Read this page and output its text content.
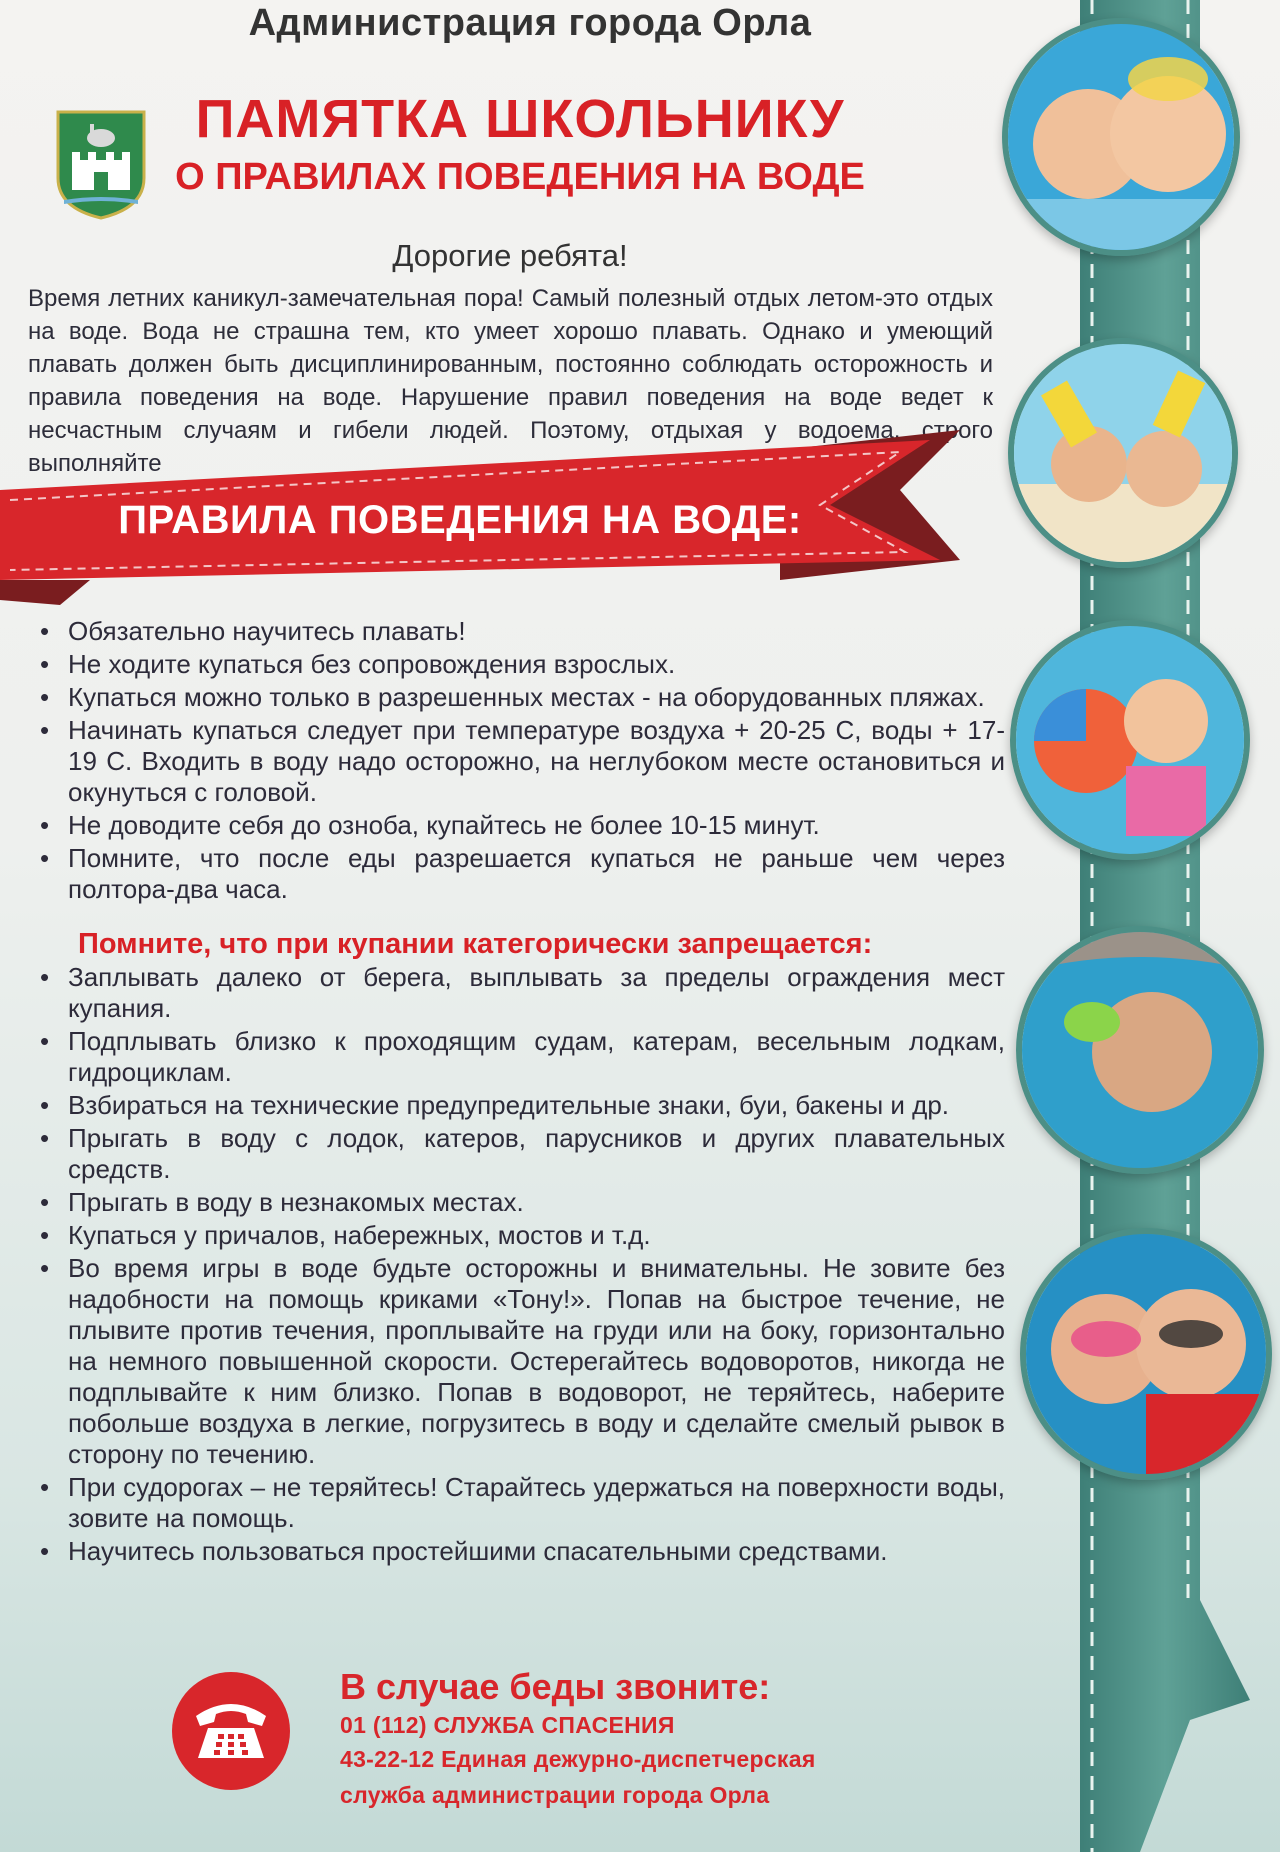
Администрация города Орла
ПАМЯТКА ШКОЛЬНИКУ
О ПРАВИЛАХ ПОВЕДЕНИЯ НА ВОДЕ
Дорогие ребята!
Время летних каникул-замечательная пора! Самый полезный отдых летом-это отдых на воде. Вода не страшна тем, кто умеет хорошо плавать. Однако и умеющий плавать должен быть дисциплинированным, постоянно соблюдать осторожность и правила поведения на воде. Нарушение правил поведения на воде ведет к несчастным случаям и гибели людей. Поэтому, отдыхая у водоема, строго выполняйте
ПРАВИЛА ПОВЕДЕНИЯ НА ВОДЕ:
• Обязательно научитесь плавать!
• Не ходите купаться без сопровождения взрослых.
• Купаться можно только в разрешенных местах - на оборудованных пляжах.
• Начинать купаться следует при температуре воздуха + 20-25 С, воды + 17-19 С. Входить в воду надо осторожно, на неглубоком месте остановиться и окунуться с головой.
• Не доводите себя до озноба, купайтесь не более 10-15 минут.
• Помните, что после еды разрешается купаться не раньше чем через полтора-два часа.
Помните, что при купании категорически запрещается:
• Заплывать далеко от берега, выплывать за пределы ограждения мест купания.
• Подплывать близко к проходящим судам, катерам, весельным лодкам, гидроциклам.
• Взбираться на технические предупредительные знаки, буи, бакены и др.
• Прыгать в воду с лодок, катеров, парусников и других плавательных средств.
• Прыгать в воду в незнакомых местах.
• Купаться у причалов, набережных, мостов и т.д.
• Во время игры в воде будьте осторожны и внимательны. Не зовите без надобности на помощь криками «Тону!». Попав на быстрое течение, не плывите против течения, проплывайте на груди или на боку, горизонтально на немного повышенной скорости. Остерегайтесь водоворотов, никогда не подплывайте к ним близко. Попав в водоворот, не теряйтесь, наберите побольше воздуха в легкие, погрузитесь в воду и сделайте смелый рывок в сторону по течению.
• При судорогах – не теряйтесь! Старайтесь удержаться на поверхности воды, зовите на помощь.
• Научитесь пользоваться простейшими спасательными средствами.
В случае беды звоните:
01 (112) СЛУЖБА СПАСЕНИЯ
43-22-12 Единая дежурно-диспетчерская
служба администрации города Орла
